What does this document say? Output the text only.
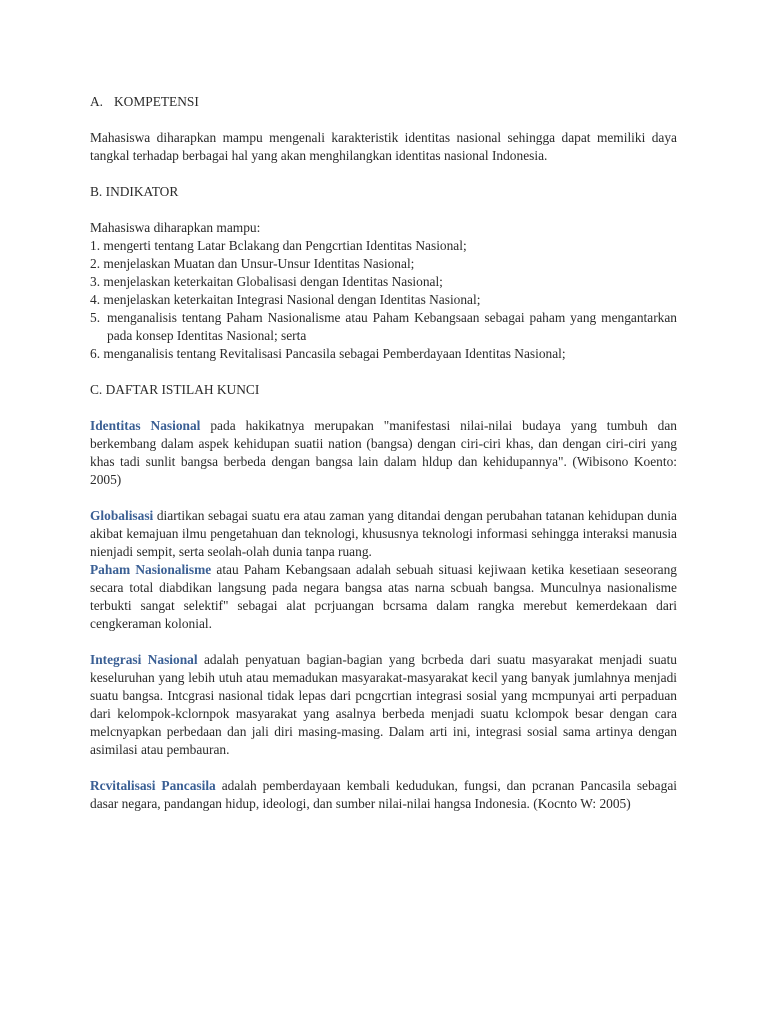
A. KOMPETENSI

Mahasiswa diharapkan mampu mengenali karakteristik identitas nasional sehingga dapat memiliki daya tangkal terhadap berbagai hal yang akan menghilangkan identitas nasional Indonesia.

B. INDIKATOR

Mahasiswa diharapkan mampu:

1. mengerti tentang Latar Bclakang dan Pengcrtian Identitas Nasional;
2. menjelaskan Muatan dan Unsur-Unsur Identitas Nasional;
3. menjelaskan keterkaitan Globalisasi dengan Identitas Nasional;
4. menjelaskan keterkaitan Integrasi Nasional dengan Identitas Nasional;
5. menganalisis tentang Paham Nasionalisme atau Paham Kebangsaan sebagai paham yang mengantarkan pada konsep Identitas Nasional; serta
6. menganalisis tentang Revitalisasi Pancasila sebagai Pemberdayaan Identitas Nasional;
C. DAFTAR ISTILAH KUNCI

Identitas Nasional pada hakikatnya merupakan "manifestasi nilai-nilai budaya yang tumbuh dan berkembang dalam aspek kehidupan suatii nation (bangsa) dengan ciri-ciri khas, dan dengan ciri-ciri yang khas tadi sunlit bangsa berbeda dengan bangsa lain dalam hldup dan kehidupannya". (Wibisono Koento: 2005)

Globalisasi diartikan sebagai suatu era atau zaman yang ditandai dengan perubahan tatanan kehidupan dunia akibat kemajuan ilmu pengetahuan dan teknologi, khususnya teknologi informasi sehingga interaksi manusia nienjadi sempit, serta seolah-olah dunia tanpa ruang.

Paham Nasionalisme atau Paham Kebangsaan adalah sebuah situasi kejiwaan ketika kesetiaan seseorang secara total diabdikan langsung pada negara bangsa atas narna scbuah bangsa. Munculnya nasionalisme terbukti sangat selektif" sebagai alat pcrjuangan bcrsama dalam rangka merebut kemerdekaan dari cengkeraman kolonial.

Integrasi Nasional adalah penyatuan bagian-bagian yang bcrbeda dari suatu masyarakat menjadi suatu keseluruhan yang lebih utuh atau memadukan masyarakat-masyarakat kecil yang banyak jumlahnya menjadi suatu bangsa. Intcgrasi nasional tidak lepas dari pcngcrtian integrasi sosial yang mcmpunyai arti perpaduan dari kelompok-kclornpok masyarakat yang asalnya berbeda menjadi suatu kclompok besar dengan cara melcnyapkan perbedaan dan jali diri masing-masing. Dalam arti ini, integrasi sosial sama artinya dengan asimilasi atau pembauran.

Rcvitalisasi Pancasila adalah pemberdayaan kembali kedudukan, fungsi, dan pcranan Pancasila sebagai dasar negara, pandangan hidup, ideologi, dan sumber nilai-nilai hangsa Indonesia. (Kocnto W: 2005)
